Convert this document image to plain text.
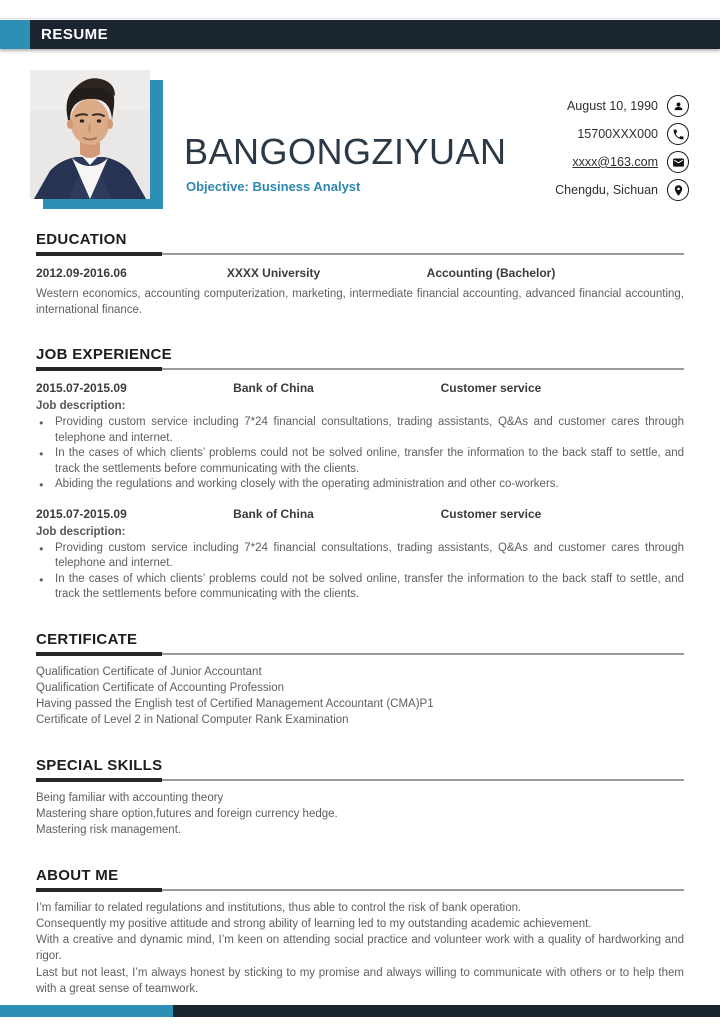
RESUME
BANGONGZIYUAN
Objective: Business Analyst
August 10, 1990
15700XXX000
xxxx@163.com
Chengdu, Sichuan
EDUCATION
2012.09-2016.06	XXXX University	Accounting (Bachelor)
Western economics, accounting computerization, marketing, intermediate financial accounting, advanced financial accounting, international finance.
JOB EXPERIENCE
2015.07-2015.09	Bank of China	Customer service
Job description:
● Providing custom service including 7*24 financial consultations, trading assistants, Q&As and customer cares through telephone and internet.
● In the cases of which clients’ problems could not be solved online, transfer the information to the back staff to settle, and track the settlements before communicating with the clients.
● Abiding the regulations and working closely with the operating administration and other co-workers.
2015.07-2015.09	Bank of China	Customer service
Job description:
● Providing custom service including 7*24 financial consultations, trading assistants, Q&As and customer cares through telephone and internet.
● In the cases of which clients’ problems could not be solved online, transfer the information to the back staff to settle, and track the settlements before communicating with the clients.
CERTIFICATE
Qualification Certificate of Junior Accountant
Qualification Certificate of Accounting Profession
Having passed the English test of Certified Management Accountant (CMA)P1
Certificate of Level 2 in National Computer Rank Examination
SPECIAL SKILLS
Being familiar with accounting theory
Mastering share option,futures and foreign currency hedge.
Mastering risk management.
ABOUT ME
I’m familiar to related regulations and institutions, thus able to control the risk of bank operation.
Consequently my positive attitude and strong ability of learning led to my outstanding academic achievement.
With a creative and dynamic mind, I’m keen on attending social practice and volunteer work with a quality of hardworking and rigor.
Last but not least, I’m always honest by sticking to my promise and always willing to communicate with others or to help them with a great sense of teamwork.
